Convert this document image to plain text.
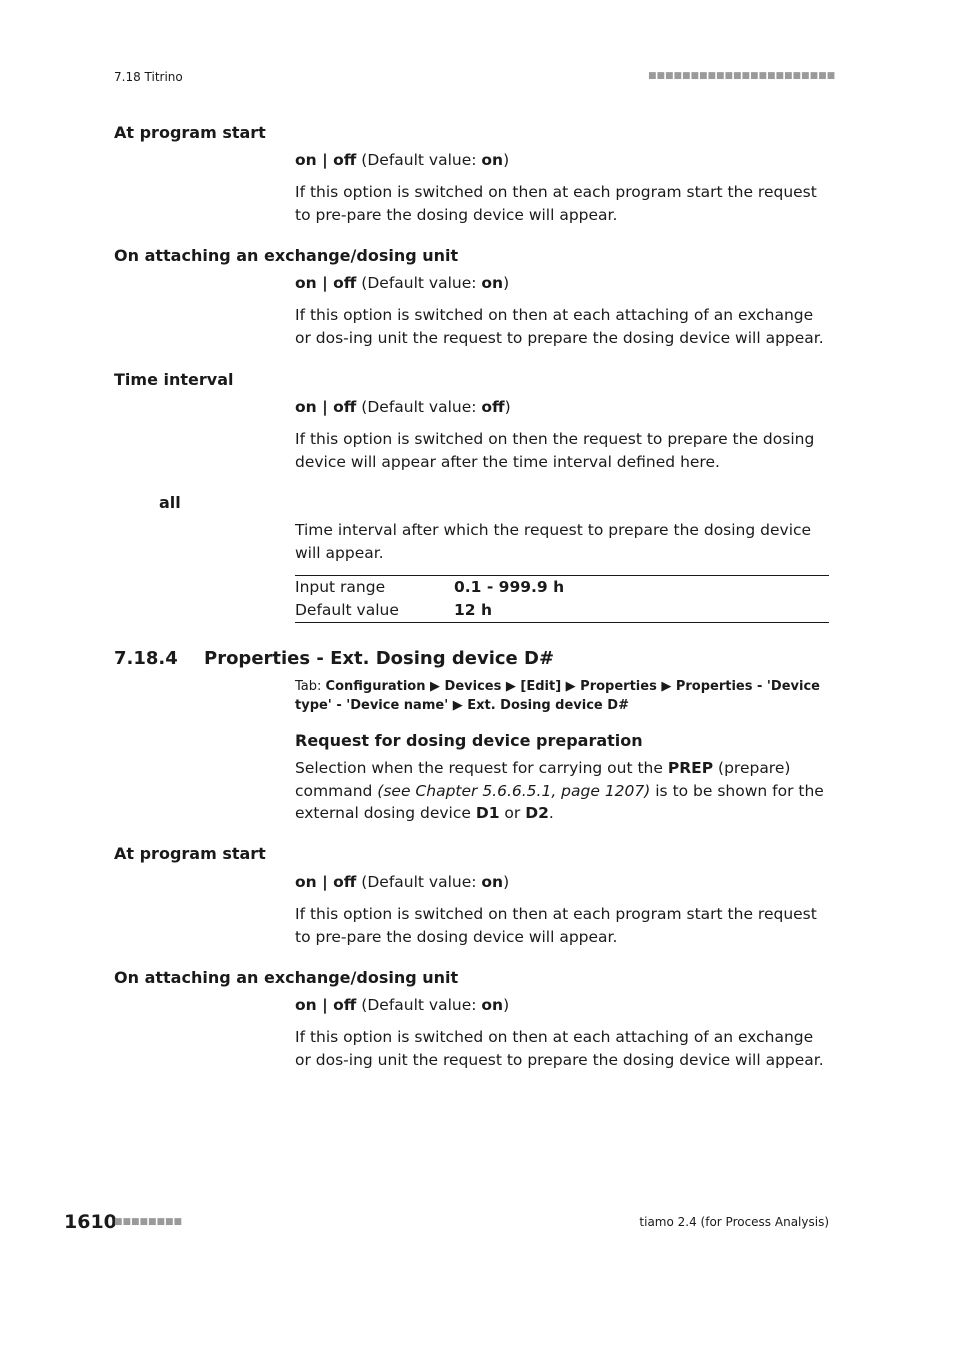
7.18 Titrino	■■■■■■■■■■■■■■■■■■■■■■
At program start
on | off (Default value: on)
If this option is switched on then at each program start the request to pre-pare the dosing device will appear.
On attaching an exchange/dosing unit
on | off (Default value: on)
If this option is switched on then at each attaching of an exchange or dos-ing unit the request to prepare the dosing device will appear.
Time interval
on | off (Default value: off)
If this option is switched on then the request to prepare the dosing device will appear after the time interval defined here.
all
Time interval after which the request to prepare the dosing device will appear.
Input range	0.1 - 999.9 h
Default value	12 h
7.18.4 Properties - Ext. Dosing device D#
Tab: Configuration ▶ Devices ▶ [Edit] ▶ Properties ▶ Properties - 'Device type' - 'Device name' ▶ Ext. Dosing device D#
Request for dosing device preparation
Selection when the request for carrying out the PREP (prepare) command (see Chapter 5.6.6.5.1, page 1207) is to be shown for the external dosing device D1 or D2.
At program start
on | off (Default value: on)
If this option is switched on then at each program start the request to pre-pare the dosing device will appear.
On attaching an exchange/dosing unit
on | off (Default value: on)
If this option is switched on then at each attaching of an exchange or dos-ing unit the request to prepare the dosing device will appear.
1610
■■■■■■■■	tiamo 2.4 (for Process Analysis)
